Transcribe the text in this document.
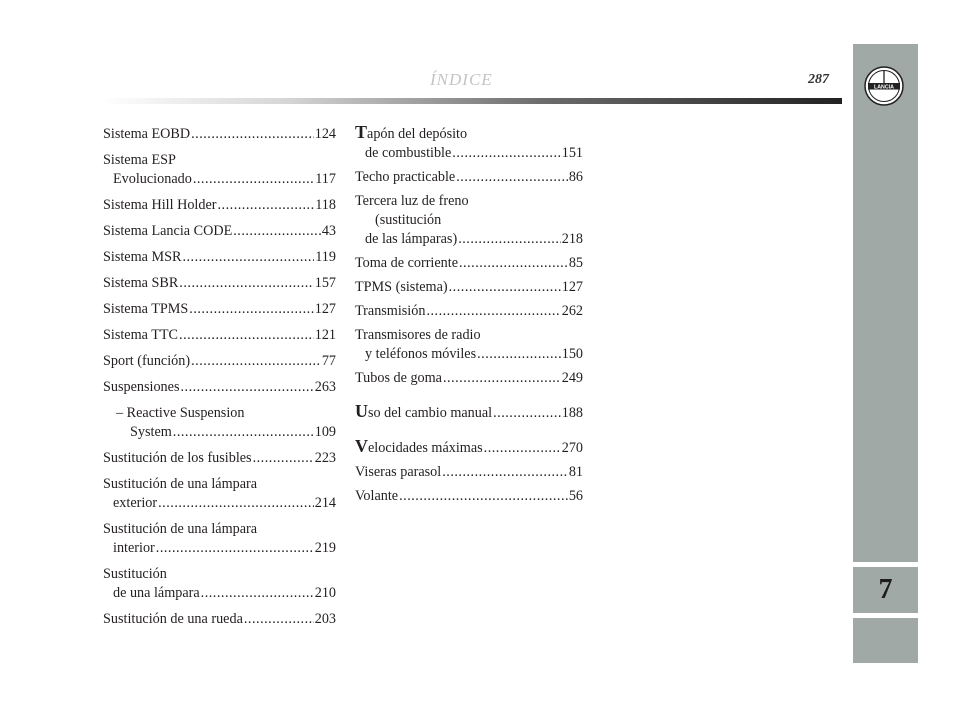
ÍNDICE	287
7
LANCIA
Sistema EOBD .....	124
Sistema ESP
Evolucionado .....	117
Sistema Hill Holder .....	118
Sistema Lancia CODE .....	43
Sistema MSR .....	119
Sistema SBR .....	157
Sistema TPMS .....	127
Sistema TTC .....	121
Sport (función) .....	77
Suspensiones .....	263
– Reactive Suspension
System .....	109
Sustitución de los fusibles .....	223
Sustitución de una lámpara
exterior .....	214
Sustitución de una lámpara
interior .....	219
Sustitución
de una lámpara .....	210
Sustitución de una rueda .....	203
Tapón del depósito
de combustible .....	151
Techo practicable .....	86
Tercera luz de freno
(sustitución
de las lámparas) .....	218
Toma de corriente .....	85
TPMS (sistema) .....	127
Transmisión .....	262
Transmisores de radio
y teléfonos móviles .....	150
Tubos de goma .....	249
Uso del cambio manual .....	188
Velocidades máximas .....	270
Viseras parasol .....	81
Volante .....	56
